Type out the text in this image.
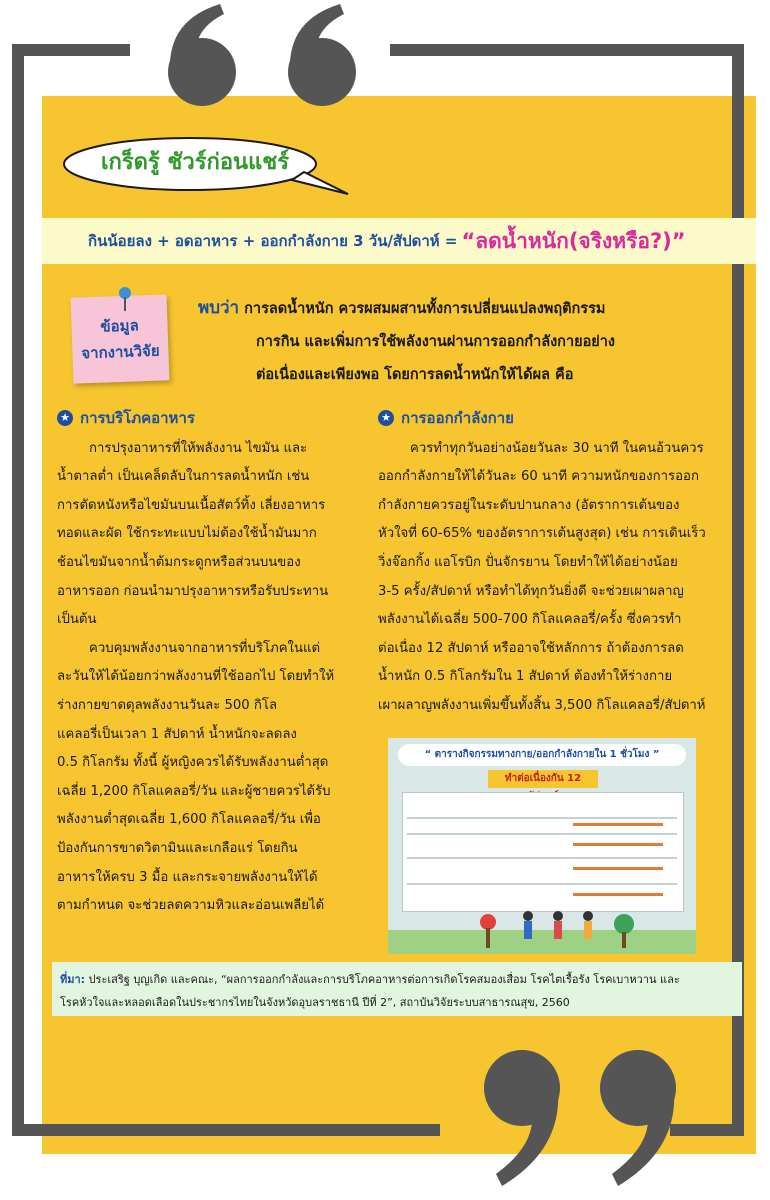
เกร็ดรู้ ชัวร์ก่อนแชร์
กินน้อยลง + อดอาหาร + ออกกำลังกาย 3 วัน/สัปดาห์ = “ลดน้ำหนัก(จริงหรือ?)”
ข้อมูล
จากงานวิจัย
พบว่า การลดน้ำหนัก ควรผสมผสานทั้งการเปลี่ยนแปลงพฤติกรรม
การกิน และเพิ่มการใช้พลังงานผ่านการออกกำลังกายอย่าง
ต่อเนื่องและเพียงพอ โดยการลดน้ำหนักให้ได้ผล คือ
★ การบริโภคอาหาร
การปรุงอาหารที่ให้พลังงาน ไขมัน และ
น้ำตาลต่ำ เป็นเคล็ดลับในการลดน้ำหนัก เช่น
การตัดหนังหรือไขมันบนเนื้อสัตว์ทิ้ง เลี่ยงอาหาร
ทอดและผัด ใช้กระทะแบบไม่ต้องใช้น้ำมันมาก
ช้อนไขมันจากน้ำต้มกระดูกหรือส่วนบนของ
อาหารออก ก่อนนำมาปรุงอาหารหรือรับประทาน
เป็นต้น
ควบคุมพลังงานจากอาหารที่บริโภคในแต่
ละวันให้ได้น้อยกว่าพลังงานที่ใช้ออกไป โดยทำให้
ร่างกายขาดดุลพลังงานวันละ 500 กิโล
แคลอรี่เป็นเวลา 1 สัปดาห์ น้ำหนักจะลดลง
0.5 กิโลกรัม ทั้งนี้ ผู้หญิงควรได้รับพลังงานต่ำสุด
เฉลี่ย 1,200 กิโลแคลอรี่/วัน และผู้ชายควรได้รับ
พลังงานต่ำสุดเฉลี่ย 1,600 กิโลแคลอรี่/วัน เพื่อ
ป้องกันการขาดวิตามินและเกลือแร่ โดยกิน
อาหารให้ครบ 3 มื้อ และกระจายพลังงานให้ได้
ตามกำหนด จะช่วยลดความหิวและอ่อนเพลียได้
★ การออกกำลังกาย
ควรทำทุกวันอย่างน้อยวันละ 30 นาที ในคนอ้วนควร
ออกกำลังกายให้ได้วันละ 60 นาที ความหนักของการออก
กำลังกายควรอยู่ในระดับปานกลาง (อัตราการเต้นของ
หัวใจที่ 60-65% ของอัตราการเต้นสูงสุด) เช่น การเดินเร็ว
วิ่งจ๊อกกิ้ง แอโรบิก ปั่นจักรยาน โดยทำให้ได้อย่างน้อย
3-5 ครั้ง/สัปดาห์ หรือทำได้ทุกวันยิ่งดี จะช่วยเผาผลาญ
พลังงานได้เฉลี่ย 500-700 กิโลแคลอรี่/ครั้ง ซึ่งควรทำ
ต่อเนื่อง 12 สัปดาห์ หรืออาจใช้หลักการ ถ้าต้องการลด
น้ำหนัก 0.5 กิโลกรัมใน 1 สัปดาห์ ต้องทำให้ร่างกาย
เผาผลาญพลังงานเพิ่มขึ้นทั้งสิ้น 3,500 กิโลแคลอรี่/สัปดาห์
“ ตารางกิจกรรมทางกาย/ออกกำลังกายใน 1 ชั่วโมง ”
ทำต่อเนื่องกัน 12
ที่มา: ประเสริฐ บุญเกิด และคณะ, “ผลการออกกำลังและการบริโภคอาหารต่อการเกิดโรคสมองเสื่อม โรคไตเรื้อรัง โรคเบาหวาน และ
โรคหัวใจและหลอดเลือดในประชากรไทยในจังหวัดอุบลราชธานี ปีที่ 2”, สถาบันวิจัยระบบสาธารณสุข, 2560
